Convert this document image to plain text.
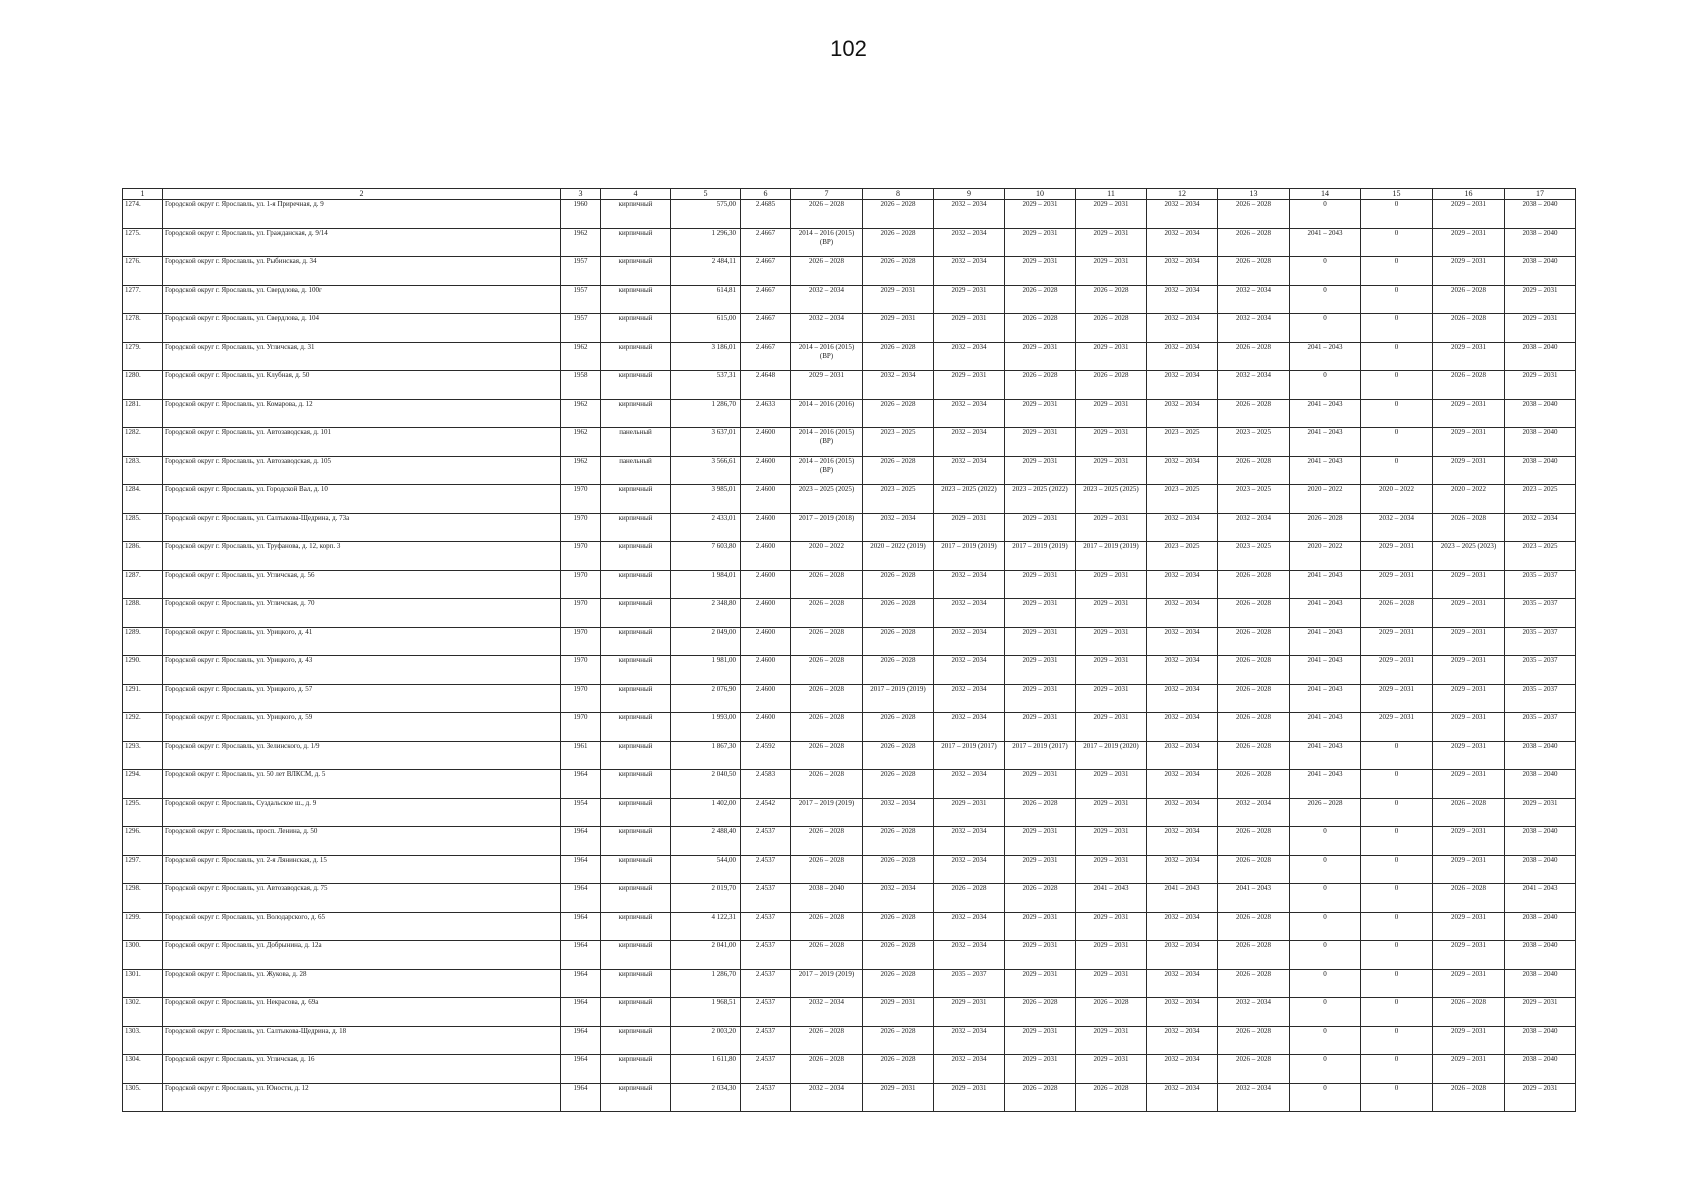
102
1	2	3	4	5	6	7	8	9	10	11	12	13	14	15	16	17
1274.	Городской округ г. Ярославль, ул. 1-я Приречная, д. 9	1960	кирпичный	575,00	2.4685	2026 – 2028	2026 – 2028	2032 – 2034	2029 – 2031	2029 – 2031	2032 – 2034	2026 – 2028	0	0	2029 – 2031	2038 – 2040
1275.	Городской округ г. Ярославль, ул. Гражданская, д. 9/14	1962	кирпичный	1 296,30	2.4667	2014 – 2016 (2015) (ВР)	2026 – 2028	2032 – 2034	2029 – 2031	2029 – 2031	2032 – 2034	2026 – 2028	2041 – 2043	0	2029 – 2031	2038 – 2040
1276.	Городской округ г. Ярославль, ул. Рыбинская, д. 34	1957	кирпичный	2 484,11	2.4667	2026 – 2028	2026 – 2028	2032 – 2034	2029 – 2031	2029 – 2031	2032 – 2034	2026 – 2028	0	0	2029 – 2031	2038 – 2040
1277.	Городской округ г. Ярославль, ул. Свердлова, д. 100г	1957	кирпичный	614,81	2.4667	2032 – 2034	2029 – 2031	2029 – 2031	2026 – 2028	2026 – 2028	2032 – 2034	2032 – 2034	0	0	2026 – 2028	2029 – 2031
1278.	Городской округ г. Ярославль, ул. Свердлова, д. 104	1957	кирпичный	615,00	2.4667	2032 – 2034	2029 – 2031	2029 – 2031	2026 – 2028	2026 – 2028	2032 – 2034	2032 – 2034	0	0	2026 – 2028	2029 – 2031
1279.	Городской округ г. Ярославль, ул. Угличская, д. 31	1962	кирпичный	3 186,01	2.4667	2014 – 2016 (2015) (ВР)	2026 – 2028	2032 – 2034	2029 – 2031	2029 – 2031	2032 – 2034	2026 – 2028	2041 – 2043	0	2029 – 2031	2038 – 2040
1280.	Городской округ г. Ярославль, ул. Клубная, д. 50	1958	кирпичный	537,31	2.4648	2029 – 2031	2032 – 2034	2029 – 2031	2026 – 2028	2026 – 2028	2032 – 2034	2032 – 2034	0	0	2026 – 2028	2029 – 2031
1281.	Городской округ г. Ярославль, ул. Комарова, д. 12	1962	кирпичный	1 286,70	2.4633	2014 – 2016 (2016)	2026 – 2028	2032 – 2034	2029 – 2031	2029 – 2031	2032 – 2034	2026 – 2028	2041 – 2043	0	2029 – 2031	2038 – 2040
1282.	Городской округ г. Ярославль, ул. Автозаводская, д. 101	1962	панельный	3 637,01	2.4600	2014 – 2016 (2015) (ВР)	2023 – 2025	2032 – 2034	2029 – 2031	2029 – 2031	2023 – 2025	2023 – 2025	2041 – 2043	0	2029 – 2031	2038 – 2040
1283.	Городской округ г. Ярославль, ул. Автозаводская, д. 105	1962	панельный	3 566,61	2.4600	2014 – 2016 (2015) (ВР)	2026 – 2028	2032 – 2034	2029 – 2031	2029 – 2031	2032 – 2034	2026 – 2028	2041 – 2043	0	2029 – 2031	2038 – 2040
1284.	Городской округ г. Ярославль, ул. Городской Вал, д. 10	1970	кирпичный	3 985,01	2.4600	2023 – 2025 (2025)	2023 – 2025	2023 – 2025 (2022)	2023 – 2025 (2022)	2023 – 2025 (2025)	2023 – 2025	2023 – 2025	2020 – 2022	2020 – 2022	2020 – 2022	2023 – 2025
1285.	Городской округ г. Ярославль, ул. Салтыкова-Щедрина, д. 73а	1970	кирпичный	2 433,01	2.4600	2017 – 2019 (2018)	2032 – 2034	2029 – 2031	2029 – 2031	2029 – 2031	2032 – 2034	2032 – 2034	2026 – 2028	2032 – 2034	2026 – 2028	2032 – 2034
1286.	Городской округ г. Ярославль, ул. Труфанова, д. 12, корп. 3	1970	кирпичный	7 603,80	2.4600	2020 – 2022	2020 – 2022 (2019)	2017 – 2019 (2019)	2017 – 2019 (2019)	2017 – 2019 (2019)	2023 – 2025	2023 – 2025	2020 – 2022	2029 – 2031	2023 – 2025 (2023)	2023 – 2025
1287.	Городской округ г. Ярославль, ул. Угличская, д. 56	1970	кирпичный	1 984,01	2.4600	2026 – 2028	2026 – 2028	2032 – 2034	2029 – 2031	2029 – 2031	2032 – 2034	2026 – 2028	2041 – 2043	2029 – 2031	2029 – 2031	2035 – 2037
1288.	Городской округ г. Ярославль, ул. Угличская, д. 70	1970	кирпичный	2 348,80	2.4600	2026 – 2028	2026 – 2028	2032 – 2034	2029 – 2031	2029 – 2031	2032 – 2034	2026 – 2028	2041 – 2043	2026 – 2028	2029 – 2031	2035 – 2037
1289.	Городской округ г. Ярославль, ул. Урицкого, д. 41	1970	кирпичный	2 049,00	2.4600	2026 – 2028	2026 – 2028	2032 – 2034	2029 – 2031	2029 – 2031	2032 – 2034	2026 – 2028	2041 – 2043	2029 – 2031	2029 – 2031	2035 – 2037
1290.	Городской округ г. Ярославль, ул. Урицкого, д. 43	1970	кирпичный	1 981,00	2.4600	2026 – 2028	2026 – 2028	2032 – 2034	2029 – 2031	2029 – 2031	2032 – 2034	2026 – 2028	2041 – 2043	2029 – 2031	2029 – 2031	2035 – 2037
1291.	Городской округ г. Ярославль, ул. Урицкого, д. 57	1970	кирпичный	2 076,90	2.4600	2026 – 2028	2017 – 2019 (2019)	2032 – 2034	2029 – 2031	2029 – 2031	2032 – 2034	2026 – 2028	2041 – 2043	2029 – 2031	2029 – 2031	2035 – 2037
1292.	Городской округ г. Ярославль, ул. Урицкого, д. 59	1970	кирпичный	1 993,00	2.4600	2026 – 2028	2026 – 2028	2032 – 2034	2029 – 2031	2029 – 2031	2032 – 2034	2026 – 2028	2041 – 2043	2029 – 2031	2029 – 2031	2035 – 2037
1293.	Городской округ г. Ярославль, ул. Зелинского, д. 1/9	1961	кирпичный	1 867,30	2.4592	2026 – 2028	2026 – 2028	2017 – 2019 (2017)	2017 – 2019 (2017)	2017 – 2019 (2020)	2032 – 2034	2026 – 2028	2041 – 2043	0	2029 – 2031	2038 – 2040
1294.	Городской округ г. Ярославль, ул. 50 лет ВЛКСМ, д. 5	1964	кирпичный	2 040,50	2.4583	2026 – 2028	2026 – 2028	2032 – 2034	2029 – 2031	2029 – 2031	2032 – 2034	2026 – 2028	2041 – 2043	0	2029 – 2031	2038 – 2040
1295.	Городской округ г. Ярославль, Суздальское ш., д. 9	1954	кирпичный	1 402,00	2.4542	2017 – 2019 (2019)	2032 – 2034	2029 – 2031	2026 – 2028	2029 – 2031	2032 – 2034	2032 – 2034	2026 – 2028	0	2026 – 2028	2029 – 2031
1296.	Городской округ г. Ярославль, просп. Ленина, д. 50	1964	кирпичный	2 488,40	2.4537	2026 – 2028	2026 – 2028	2032 – 2034	2029 – 2031	2029 – 2031	2032 – 2034	2026 – 2028	0	0	2029 – 2031	2038 – 2040
1297.	Городской округ г. Ярославль, ул. 2-я Лянинская, д. 15	1964	кирпичный	544,00	2.4537	2026 – 2028	2026 – 2028	2032 – 2034	2029 – 2031	2029 – 2031	2032 – 2034	2026 – 2028	0	0	2029 – 2031	2038 – 2040
1298.	Городской округ г. Ярославль, ул. Автозаводская, д. 75	1964	кирпичный	2 019,70	2.4537	2038 – 2040	2032 – 2034	2026 – 2028	2026 – 2028	2041 – 2043	2041 – 2043	2041 – 2043	0	0	2026 – 2028	2041 – 2043
1299.	Городской округ г. Ярославль, ул. Володарского, д. 65	1964	кирпичный	4 122,31	2.4537	2026 – 2028	2026 – 2028	2032 – 2034	2029 – 2031	2029 – 2031	2032 – 2034	2026 – 2028	0	0	2029 – 2031	2038 – 2040
1300.	Городской округ г. Ярославль, ул. Добрынина, д. 12а	1964	кирпичный	2 041,00	2.4537	2026 – 2028	2026 – 2028	2032 – 2034	2029 – 2031	2029 – 2031	2032 – 2034	2026 – 2028	0	0	2029 – 2031	2038 – 2040
1301.	Городской округ г. Ярославль, ул. Жукова, д. 28	1964	кирпичный	1 286,70	2.4537	2017 – 2019 (2019)	2026 – 2028	2035 – 2037	2029 – 2031	2029 – 2031	2032 – 2034	2026 – 2028	0	0	2029 – 2031	2038 – 2040
1302.	Городской округ г. Ярославль, ул. Некрасова, д. 69а	1964	кирпичный	1 968,51	2.4537	2032 – 2034	2029 – 2031	2029 – 2031	2026 – 2028	2026 – 2028	2032 – 2034	2032 – 2034	0	0	2026 – 2028	2029 – 2031
1303.	Городской округ г. Ярославль, ул. Салтыкова-Щедрина, д. 18	1964	кирпичный	2 003,20	2.4537	2026 – 2028	2026 – 2028	2032 – 2034	2029 – 2031	2029 – 2031	2032 – 2034	2026 – 2028	0	0	2029 – 2031	2038 – 2040
1304.	Городской округ г. Ярославль, ул. Угличская, д. 16	1964	кирпичный	1 611,80	2.4537	2026 – 2028	2026 – 2028	2032 – 2034	2029 – 2031	2029 – 2031	2032 – 2034	2026 – 2028	0	0	2029 – 2031	2038 – 2040
1305.	Городской округ г. Ярославль, ул. Юности, д. 12	1964	кирпичный	2 034,30	2.4537	2032 – 2034	2029 – 2031	2029 – 2031	2026 – 2028	2026 – 2028	2032 – 2034	2032 – 2034	0	0	2026 – 2028	2029 – 2031
